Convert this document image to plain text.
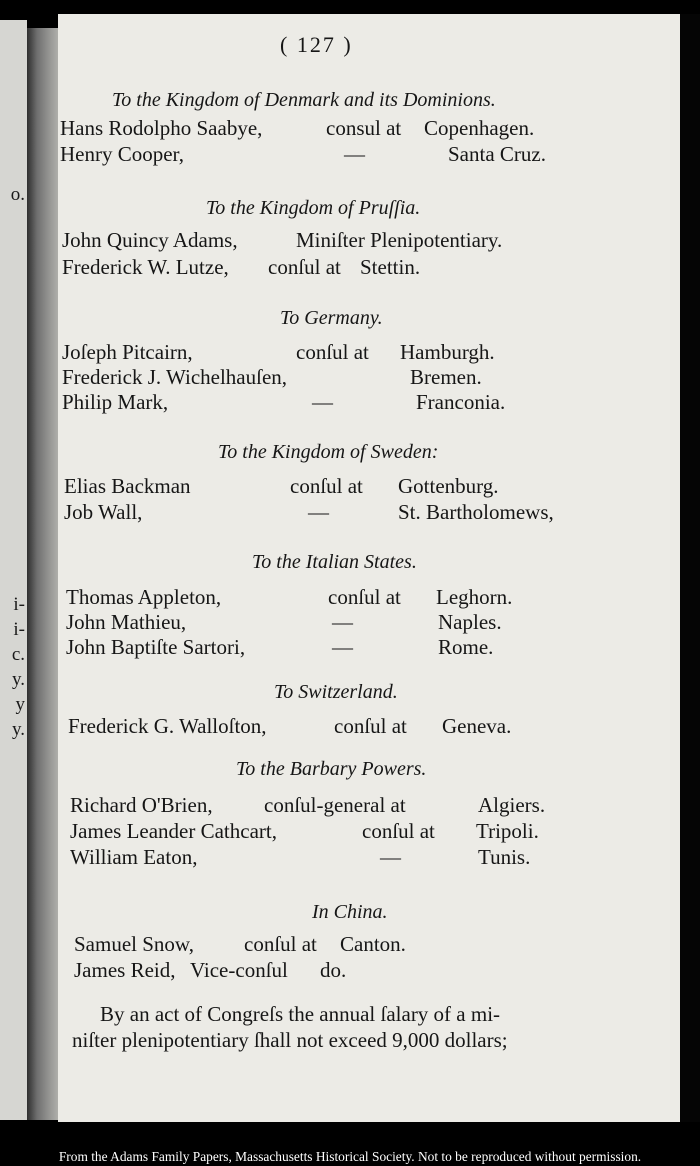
o.
i-
i-
c.
y.
y
y.
( 127 )
To the Kingdom of Denmark and its Dominions.
Hans Rodolpho Saabye,	consul at Copenhagen.
Henry Cooper,	—	Santa Cruz.
To the Kingdom of Pruſſia.
John Quincy Adams,	Miniſter Plenipotentiary.
Frederick W. Lutze, conſul at Stettin.
To Germany.
Joſeph Pitcairn,	conſul at Hamburgh.
Frederick J. Wichelhauſen,	Bremen.
Philip Mark,	—	Franconia.
To the Kingdom of Sweden:
Elias Backman	conſul at Gottenburg.
Job Wall,	—	St. Bartholomews,
To the Italian States.
Thomas Appleton,	conſul at Leghorn.
John Mathieu,	—	Naples.
John Baptiſte Sartori,	—	Rome.
To Switzerland.
Frederick G. Walloſton,	conſul at Geneva.
To the Barbary Powers.
Richard O'Brien, conſul-general at	Algiers.
James Leander Cathcart,	conſul at Tripoli.
William Eaton,	—	Tunis.
In China.
Samuel Snow, conſul at Canton.
James Reid, Vice-conſul do.
By an act of Congreſs the annual ſalary of a mi-
niſter plenipotentiary ſhall not exceed 9,000 dollars;
From the Adams Family Papers, Massachusetts Historical Society. Not to be reproduced without permission.
